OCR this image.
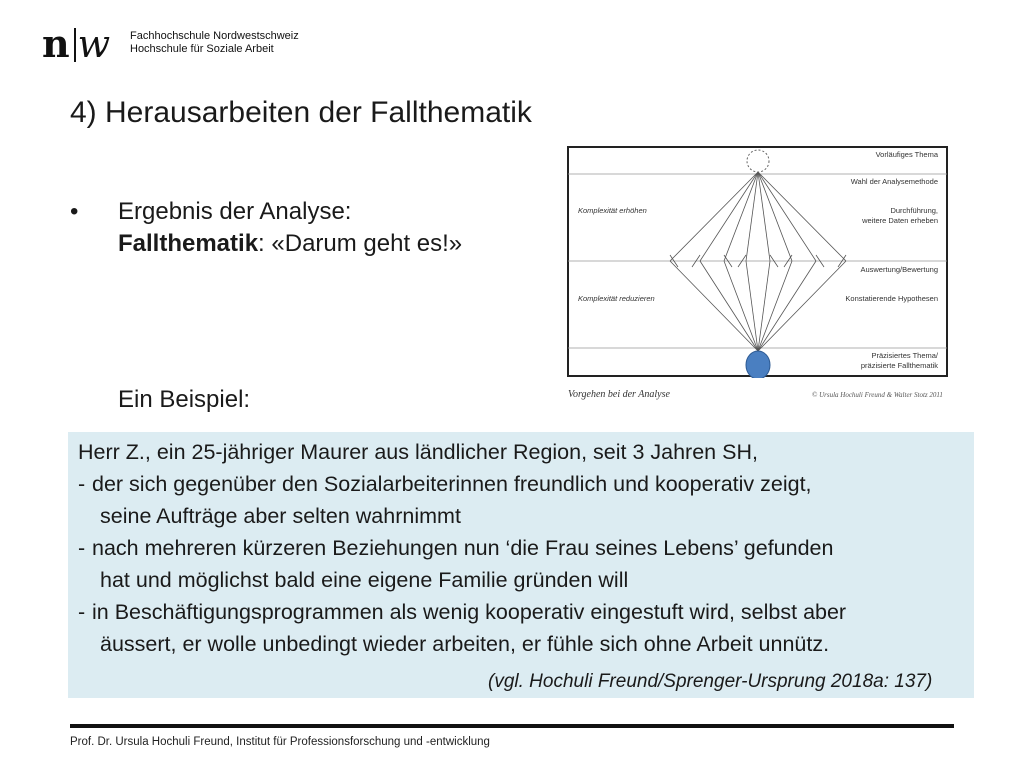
n w Fachhochschule Nordwestschweiz
Hochschule für Soziale Arbeit
4) Herausarbeiten der Fallthematik
• Ergebnis der Analyse:
Fallthematik: «Darum geht es!»
Ein Beispiel:
Vorläufiges Thema
Wahl der Analysemethode
Komplexität erhöhen	Durchführung,
weitere Daten erheben
Auswertung/Bewertung
Komplexität reduzieren	Konstatierende Hypothesen
Präzisiertes Thema/
präzisierte Fallthematik
Vorgehen bei der Analyse	© Ursula Hochuli Freund & Walter Stotz 2011

Herr Z., ein 25-jähriger Maurer aus ländlicher Region, seit 3 Jahren SH,

- der sich gegenüber den Sozialarbeiterinnen freundlich und kooperativ zeigt,

seine Aufträge aber selten wahrnimmt

- nach mehreren kürzeren Beziehungen nun ‘die Frau seines Lebens’ gefunden

hat und möglichst bald eine eigene Familie gründen will

- in Beschäftigungsprogrammen als wenig kooperativ eingestuft wird, selbst aber

äussert, er wolle unbedingt wieder arbeiten, er fühle sich ohne Arbeit unnütz.

(vgl. Hochuli Freund/Sprenger-Ursprung 2018a: 137)

Prof. Dr. Ursula Hochuli Freund, Institut für Professionsforschung und -entwicklung
